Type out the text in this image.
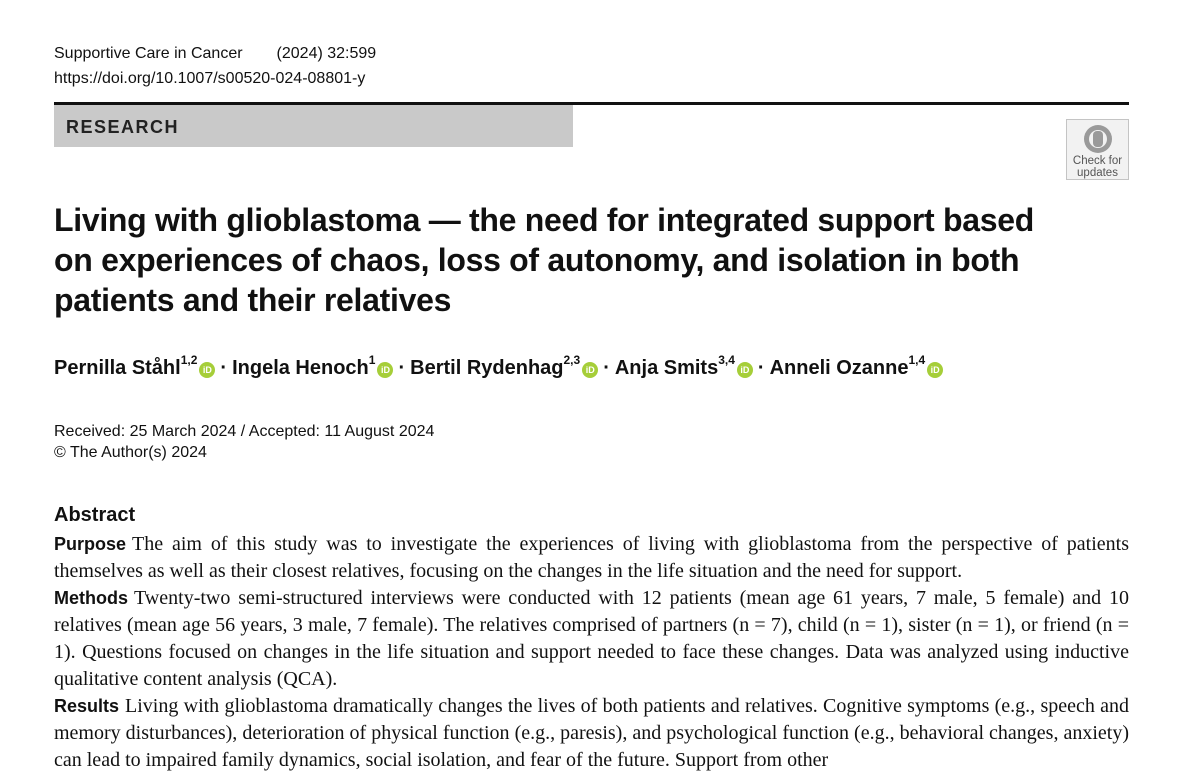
Supportive Care in Cancer (2024) 32:599
https://doi.org/10.1007/s00520-024-08801-y
RESEARCH
Check for updates
Living with glioblastoma — the need for integrated support based on experiences of chaos, loss of autonomy, and isolation in both patients and their relatives
Pernilla Ståhl$^{1,2}$iD · Ingela Henoch$^1$iD · Bertil Rydenhag$^{2,3}$iD · Anja Smits$^{3,4}$iD · Anneli Ozanne$^{1,4}$iD
Received: 25 March 2024 / Accepted: 11 August 2024
© The Author(s) 2024
Abstract
Purpose The aim of this study was to investigate the experiences of living with glioblastoma from the perspective of patients themselves as well as their closest relatives, focusing on the changes in the life situation and the need for support.
Methods Twenty-two semi-structured interviews were conducted with 12 patients (mean age 61 years, 7 male, 5 female) and 10 relatives (mean age 56 years, 3 male, 7 female). The relatives comprised of partners (n = 7), child (n = 1), sister (n = 1), or friend (n = 1). Questions focused on changes in the life situation and support needed to face these changes. Data was analyzed using inductive qualitative content analysis (QCA).
Results Living with glioblastoma dramatically changes the lives of both patients and relatives. Cognitive symptoms (e.g., speech and memory disturbances), deterioration of physical function (e.g., paresis), and psychological function (e.g., behavioral changes, anxiety) can lead to impaired family dynamics, social isolation, and fear of the future. Support from other
